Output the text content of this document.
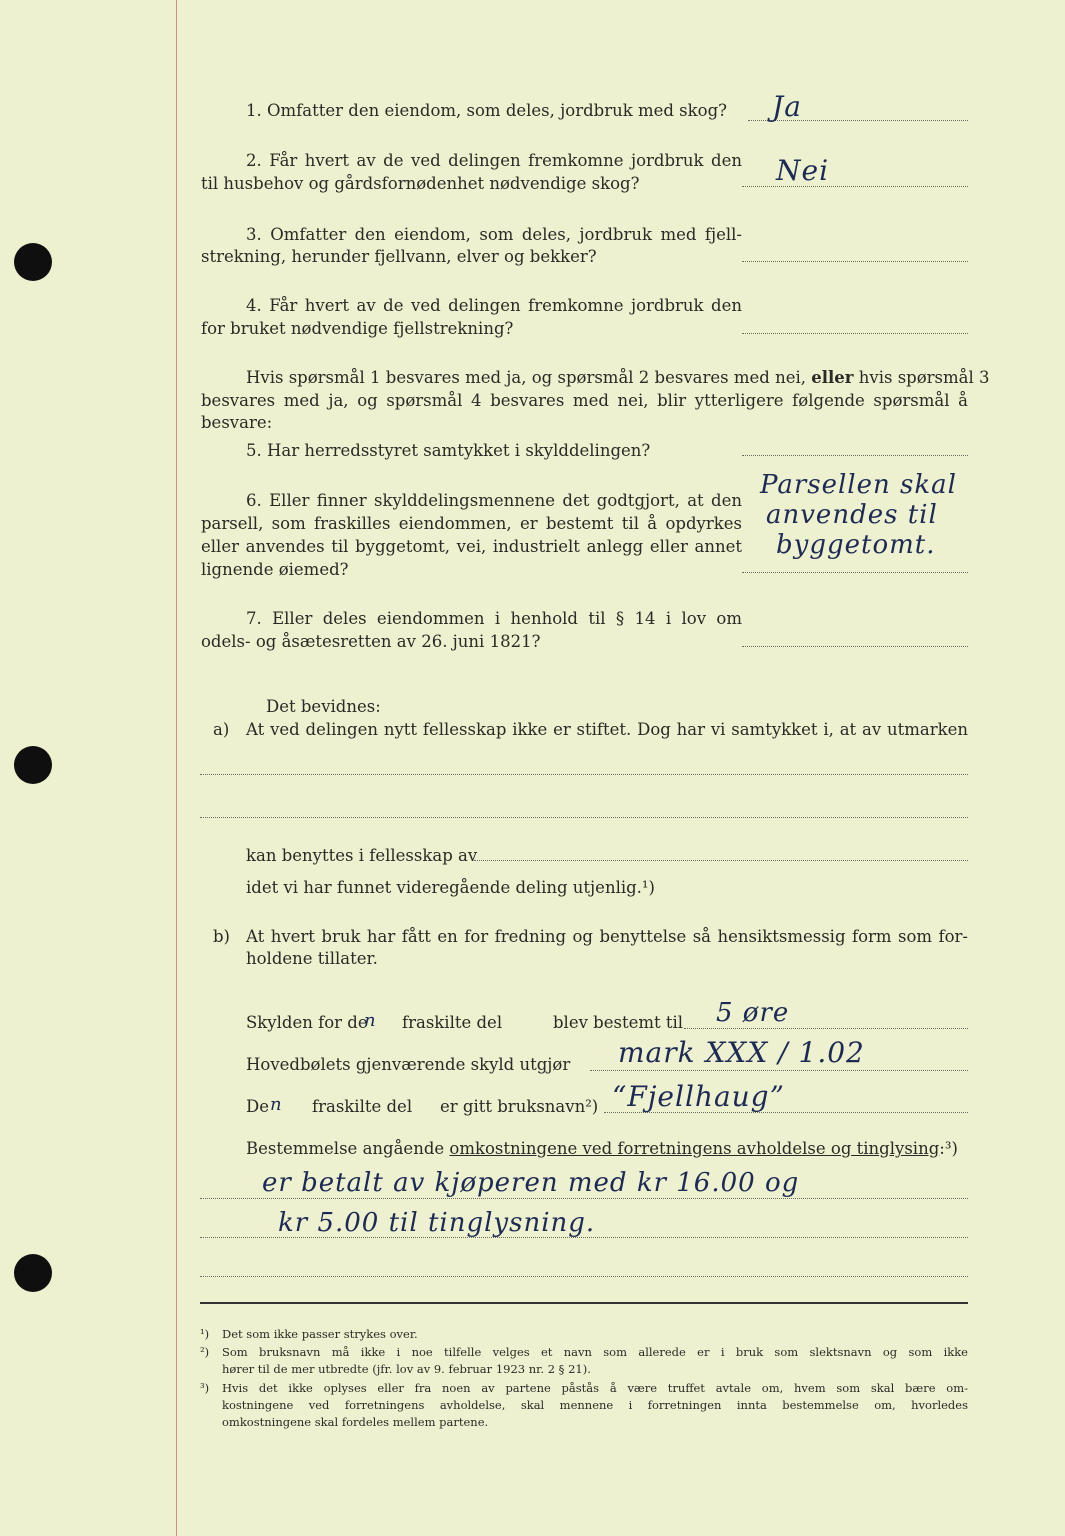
1. Omfatter den eiendom, som deles, jordbruk med skog? Ja
2. Får hvert av de ved delingen fremkomne jordbruk den
til husbehov og gårdsfornødenhet nødvendige skog?	Nei
3. Omfatter den eiendom, som deles, jordbruk med fjell-
strekning, herunder fjellvann, elver og bekker?
4. Får hvert av de ved delingen fremkomne jordbruk den
for bruket nødvendige fjellstrekning?
Hvis spørsmål 1 besvares med ja, og spørsmål 2 besvares med nei, eller hvis spørsmål 3
besvares med ja, og spørsmål 4 besvares med nei, blir ytterligere følgende spørsmål å besvare:
5. Har herredsstyret samtykket i skylddelingen?
6. Eller finner skylddelingsmennene det godtgjort, at den
parsell, som fraskilles eiendommen, er bestemt til å opdyrkes
eller anvendes til byggetomt, vei, industrielt anlegg eller annet
lignende øiemed?
Parsellen skal
anvendes til
byggetomt.
7. Eller deles eiendommen i henhold til § 14 i lov om
odels- og åsætesretten av 26. juni 1821?
Det bevidnes:
a) At ved delingen nytt fellesskap ikke er stiftet. Dog har vi samtykket i, at av utmarken
kan benyttes i fellesskap av
idet vi har funnet videregående deling utjenlig.¹)
b) At hvert bruk har fått en for fredning og benyttelse så hensiktsmessig form som for-
holdene tillater.
Skylden for de
n fraskilte del	blev bestemt til 5 øre
Hovedbølets gjenværende skyld utgjør mark XXX / 1.02
De n fraskilte del er gitt bruksnavn²) “Fjellhaug”
Bestemmelse angående omkostningene ved forretningens avholdelse og tinglysing:³)
er betalt av kjøperen med kr 16.00 og
kr 5.00 til tinglysning.
¹) Det som ikke passer strykes over.
²) Som bruksnavn må ikke i noe tilfelle velges et navn som allerede er i bruk som slektsnavn og som ikke
hører til de mer utbredte (jfr. lov av 9. februar 1923 nr. 2 § 21).
³) Hvis det ikke oplyses eller fra noen av partene påstås å være truffet avtale om, hvem som skal bære om-
kostningene ved forretningens avholdelse, skal mennene i forretningen innta bestemmelse om, hvorledes
omkostningene skal fordeles mellem partene.
